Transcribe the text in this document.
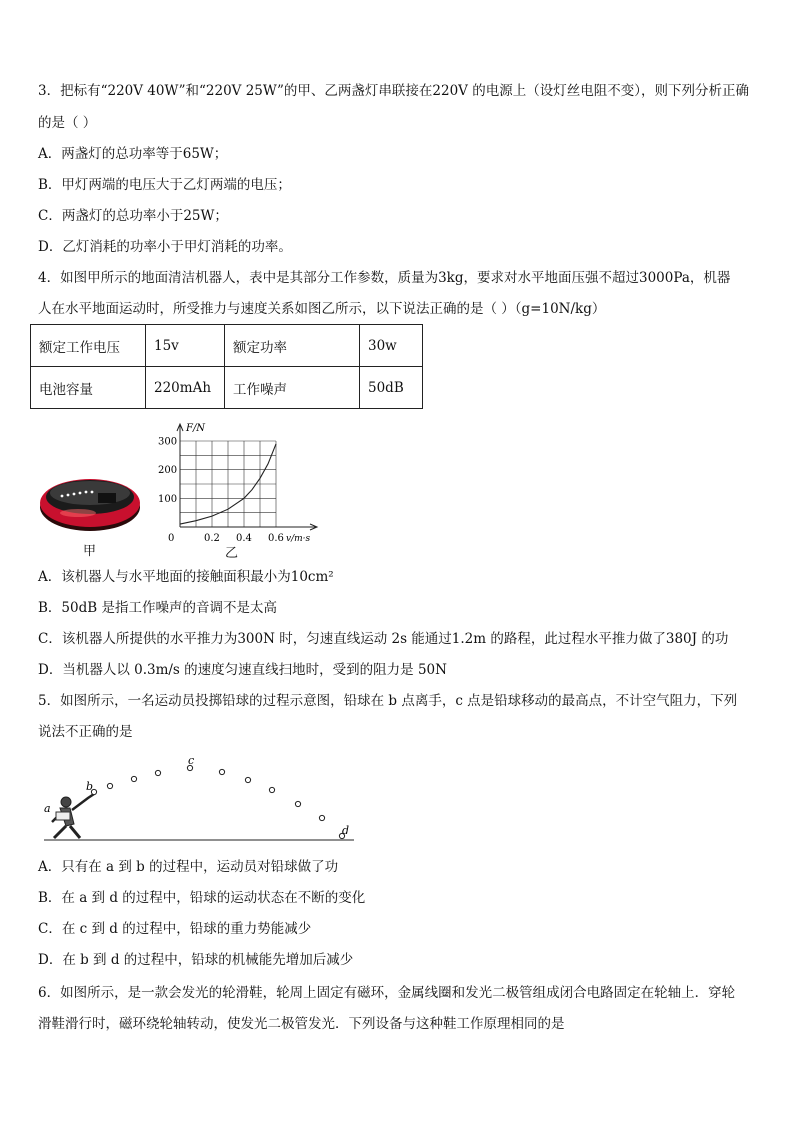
3．把标有“220V 40W”和“220V 25W”的甲、乙两盏灯串联接在220V 的电源上（设灯丝电阻不变），则下列分析正确
的是（ ）
A．两盏灯的总功率等于65W；
B．甲灯两端的电压大于乙灯两端的电压；
C．两盏灯的总功率小于25W；
D．乙灯消耗的功率小于甲灯消耗的功率。
4．如图甲所示的地面清洁机器人，表中是其部分工作参数，质量为3kg，要求对水平地面压强不超过3000Pa，机器
人在水平地面运动时，所受推力与速度关系如图乙所示，以下说法正确的是（ ）（g=10N/kg）
额定工作电压	15v	额定功率	30w
电池容量	220mAh	工作噪声	50dB
甲
100
200
300
0	0.2 0.4 0.6
F/N
v/m·s
乙
A．该机器人与水平地面的接触面积最小为10cm²
B．50dB 是指工作噪声的音调不是太高
C．该机器人所提供的水平推力为300N 时，匀速直线运动 2s 能通过1.2m 的路程，此过程水平推力做了380J 的功
D．当机器人以 0.3m/s 的速度匀速直线扫地时，受到的阻力是 50N
5．如图所示，一名运动员投掷铅球的过程示意图，铅球在 b 点离手，c 点是铅球移动的最高点，不计空气阻力，下列
说法不正确的是
a
b
c
d
A．只有在 a 到 b 的过程中，运动员对铅球做了功
B．在 a 到 d 的过程中，铅球的运动状态在不断的变化
C．在 c 到 d 的过程中，铅球的重力势能减少
D．在 b 到 d 的过程中，铅球的机械能先增加后减少
6．如图所示，是一款会发光的轮滑鞋，轮周上固定有磁环，金属线圈和发光二极管组成闭合电路固定在轮轴上．穿轮
滑鞋滑行时，磁环绕轮轴转动，使发光二极管发光．下列设备与这种鞋工作原理相同的是
